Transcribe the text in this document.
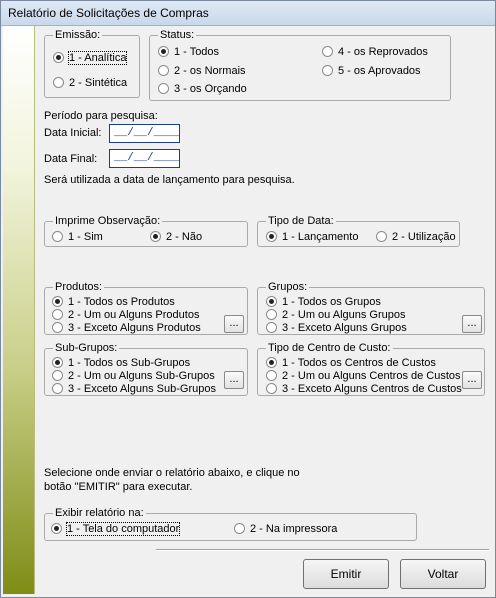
Relatório de Solicitações de Compras
Emissão:
1 - Analítica
2 - Sintética
Status:
1 - Todos
2 - os Normais
3 - os Orçando
4 - os Reprovados
5 - os Aprovados
Período para pesquisa:
Data Inicial:	__/__/____
Data Final:	__/__/____
Será utilizada a data de lançamento para pesquisa.
Imprime Observação:
1 - Sim	2 - Não
Tipo de Data:
1 - Lançamento	2 - Utilização
Produtos:
1 - Todos os Produtos
2 - Um ou Alguns Produtos
3 - Exceto Alguns Produtos	...
Grupos:
1 - Todos os Grupos
2 - Um ou Alguns Grupos
3 - Exceto Alguns Grupos	...
Sub-Grupos:
1 - Todos os Sub-Grupos
2 - Um ou Alguns Sub-Grupos
3 - Exceto Alguns Sub-Grupos
...
Tipo de Centro de Custo:
1 - Todos os Centros de Custos
2 - Um ou Alguns Centros de Custos
3 - Exceto Alguns Centros de Custos
...
Selecione onde enviar o relatório abaixo, e clique no
botão "EMITIR" para executar.
Exibir relatório na:
1 - Tela do computador	2 - Na impressora
Emitir	Voltar
